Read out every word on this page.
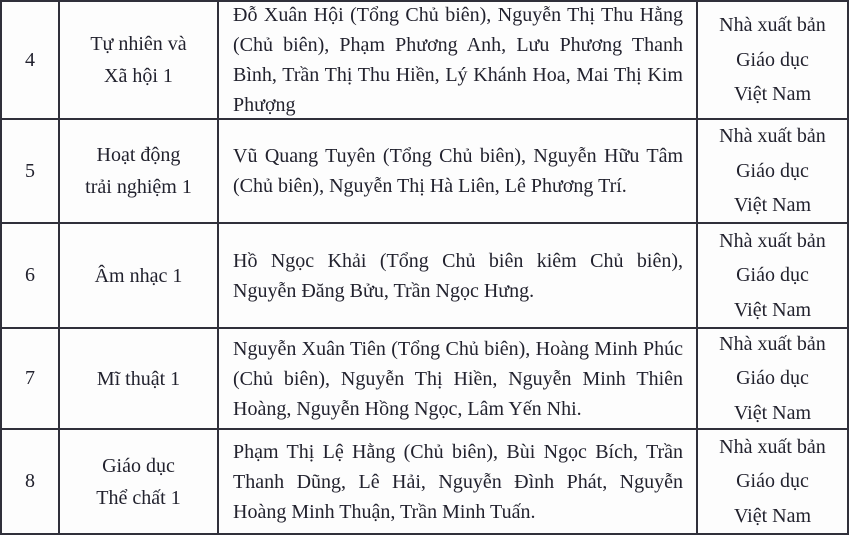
4
Tự nhiên và
Xã hội 1
Đỗ Xuân Hội (Tổng Chủ biên), Nguyễn Thị Thu Hằng (Chủ biên), Phạm Phương Anh, Lưu Phương Thanh Bình, Trần Thị Thu Hiền, Lý Khánh Hoa, Mai Thị Kim Phượng
Nhà xuất bản
Giáo dục
Việt Nam
5
Hoạt động
trải nghiệm 1
Vũ Quang Tuyên (Tổng Chủ biên), Nguyễn Hữu Tâm (Chủ biên), Nguyễn Thị Hà Liên, Lê Phương Trí.
Nhà xuất bản
Giáo dục
Việt Nam
6	Âm nhạc 1
Hồ Ngọc Khải (Tổng Chủ biên kiêm Chủ biên), Nguyễn Đăng Bửu, Trần Ngọc Hưng.
Nhà xuất bản
Giáo dục
Việt Nam
7	Mĩ thuật 1
Nguyễn Xuân Tiên (Tổng Chủ biên), Hoàng Minh Phúc (Chủ biên), Nguyễn Thị Hiền, Nguyễn Minh Thiên Hoàng, Nguyễn Hồng Ngọc, Lâm Yến Nhi.
Nhà xuất bản
Giáo dục
Việt Nam
8
Giáo dục
Thể chất 1
Phạm Thị Lệ Hằng (Chủ biên), Bùi Ngọc Bích, Trần Thanh Dũng, Lê Hải, Nguyễn Đình Phát, Nguyễn Hoàng Minh Thuận, Trần Minh Tuấn.
Nhà xuất bản
Giáo dục
Việt Nam
